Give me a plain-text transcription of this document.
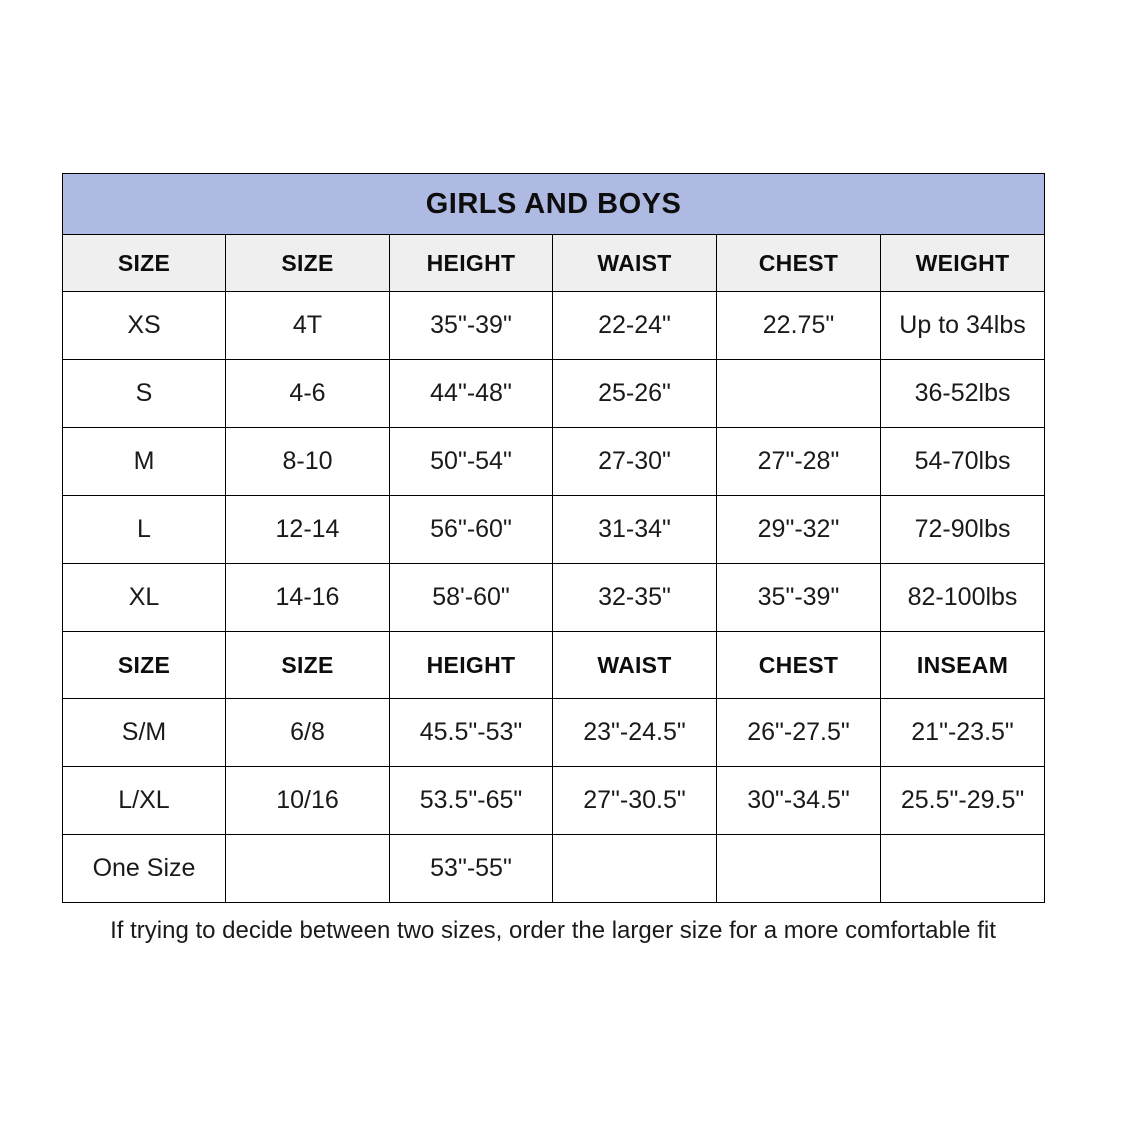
GIRLS AND BOYS					
SIZE	SIZE	HEIGHT	WAIST	CHEST	WEIGHT
XS	4T	35"-39"	22-24"	22.75"	Up to 34lbs
S	4-6	44"-48"	25-26"		36-52lbs
M	8-10	50"-54"	27-30"	27"-28"	54-70lbs
L	12-14	56"-60"	31-34"	29"-32"	72-90lbs
XL	14-16	58'-60"	32-35"	35"-39"	82-100lbs
SIZE	SIZE	HEIGHT	WAIST	CHEST	INSEAM
S/M	6/8	45.5"-53"	23"-24.5"	26"-27.5"	21"-23.5"
L/XL	10/16	53.5"-65"	27"-30.5"	30"-34.5"	25.5"-29.5"
One Size		53"-55"			
If trying to decide between two sizes, order the larger size for a more comfortable fit
